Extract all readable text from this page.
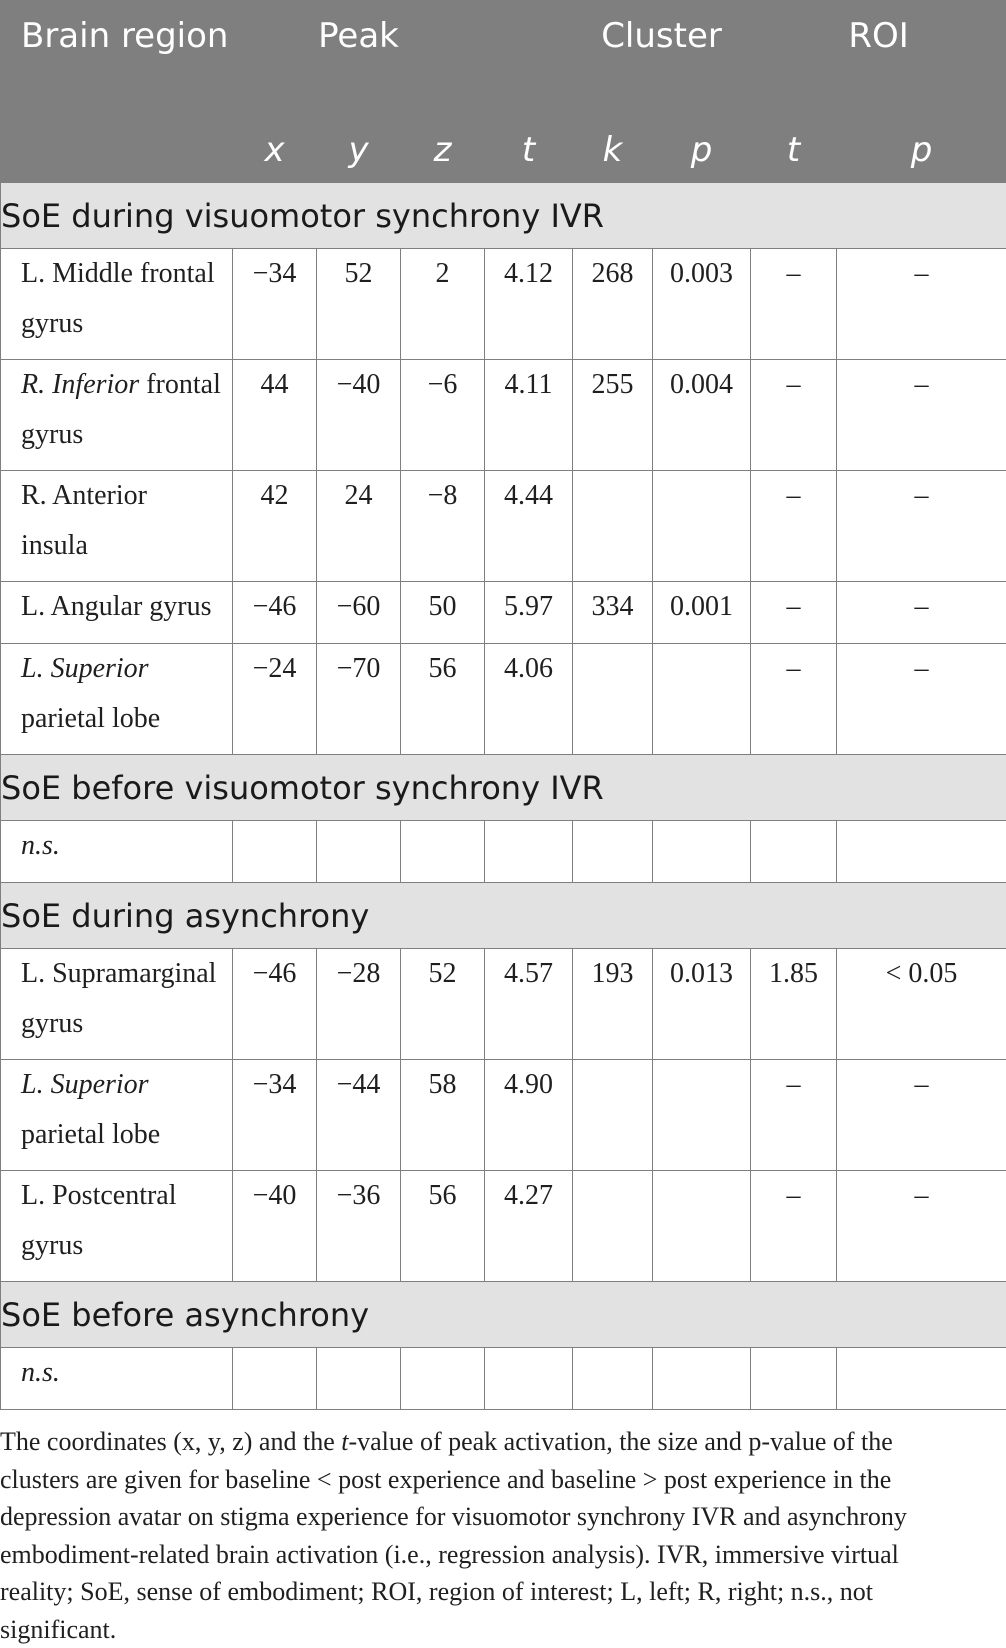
Brain region	Peak				Cluster		ROI	
	x	y	z	t	k	p	t	p
SoE during visuomotor synchrony IVR								

L. Middle frontal
gyrus	−34	52	2	4.12	268	0.003	–	–

R. Inferior frontal
gyrus	44	−40	−6	4.11	255	0.004	–	–

R. Anterior
insula	42	24	−8	4.44			–	–

L. Angular gyrus	−46	−60	50	5.97	334	0.001	–	–

L. Superior
parietal lobe	−24	−70	56	4.06			–	–
SoE before visuomotor synchrony IVR								
n.s.								
SoE during asynchrony								

L. Supramarginal
gyrus	−46	−28	52	4.57	193	0.013	1.85	< 0.05

L. Superior
parietal lobe	−34	−44	58	4.90			–	–

L. Postcentral
gyrus	−40	−36	56	4.27			–	–
SoE before asynchrony								
n.s.								

The coordinates (x, y, z) and the t-value of peak activation, the size and p-value of the clusters are given for baseline < post experience and baseline > post experience in the depression avatar on stigma experience for visuomotor synchrony IVR and asynchrony embodiment-related brain activation (i.e., regression analysis). IVR, immersive virtual reality; SoE, sense of embodiment; ROI, region of interest; L, left; R, right; n.s., not significant.
